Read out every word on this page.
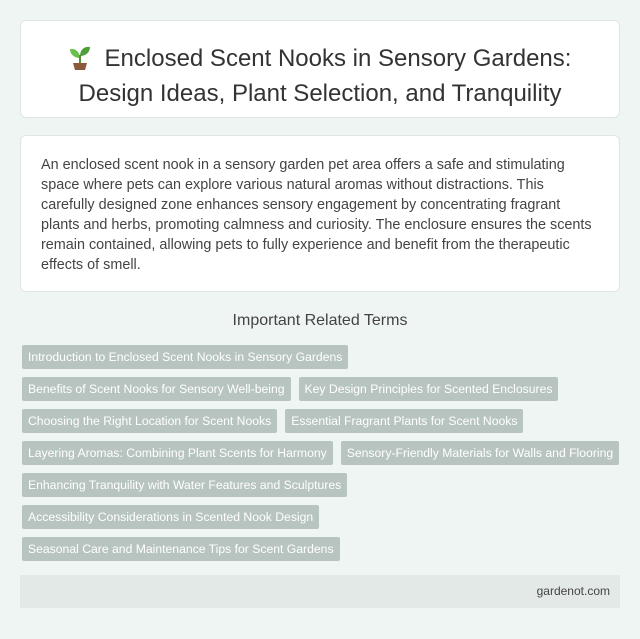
Enclosed Scent Nooks in Sensory Gardens: Design Ideas, Plant Selection, and Tranquility

An enclosed scent nook in a sensory garden pet area offers a safe and stimulating space where pets can explore various natural aromas without distractions. This carefully designed zone enhances sensory engagement by concentrating fragrant plants and herbs, promoting calmness and curiosity. The enclosure ensures the scents remain contained, allowing pets to fully experience and benefit from the therapeutic effects of smell.

Important Related Terms
Introduction to Enclosed Scent Nooks in Sensory Gardens
Benefits of Scent Nooks for Sensory Well-being	Key Design Principles for Scented Enclosures
Choosing the Right Location for Scent Nooks	Essential Fragrant Plants for Scent Nooks
Layering Aromas: Combining Plant Scents for Harmony	Sensory-Friendly Materials for Walls and Flooring
Enhancing Tranquility with Water Features and Sculptures
Accessibility Considerations in Scented Nook Design
Seasonal Care and Maintenance Tips for Scent Gardens
gardenot.com
